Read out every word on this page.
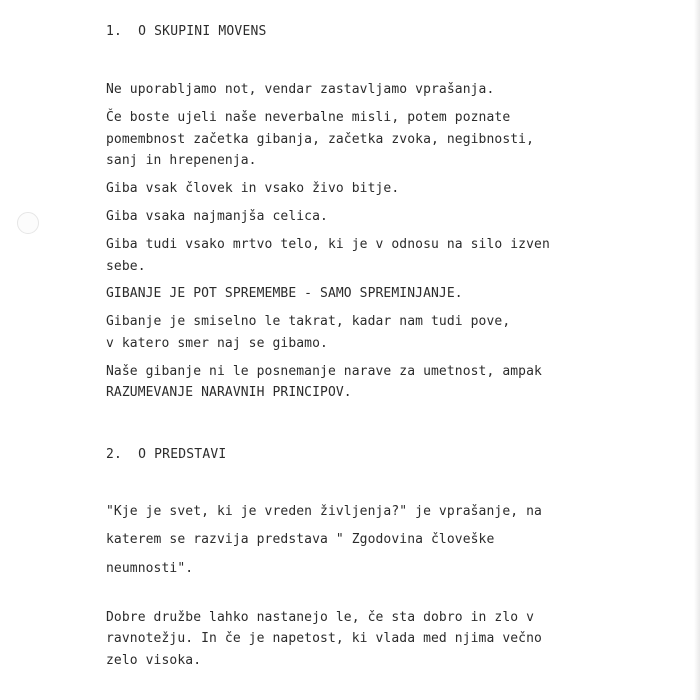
1.  O SKUPINI MOVENS
Ne uporabljamo not, vendar zastavljamo vprašanja.
Če boste ujeli naše neverbalne misli, potem poznate
pomembnost začetka gibanja, začetka zvoka, negibnosti,
sanj in hrepenenja.
Giba vsak človek in vsako živo bitje.
Giba vsaka najmanjša celica.
Giba tudi vsako mrtvo telo, ki je v odnosu na silo izven
sebe.
GIBANJE JE POT SPREMEMBE - SAMO SPREMINJANJE.
Gibanje je smiselno le takrat, kadar nam tudi pove,
v katero smer naj se gibamo.
Naše gibanje ni le posnemanje narave za umetnost, ampak
RAZUMEVANJE NARAVNIH PRINCIPOV.
2.  O PREDSTAVI
"Kje je svet, ki je vreden življenja?" je vprašanje, na
katerem se razvija predstava " Zgodovina človeške
neumnosti".
Dobre družbe lahko nastanejo le, če sta dobro in zlo v
ravnotežju. In če je napetost, ki vlada med njima večno
zelo visoka.
